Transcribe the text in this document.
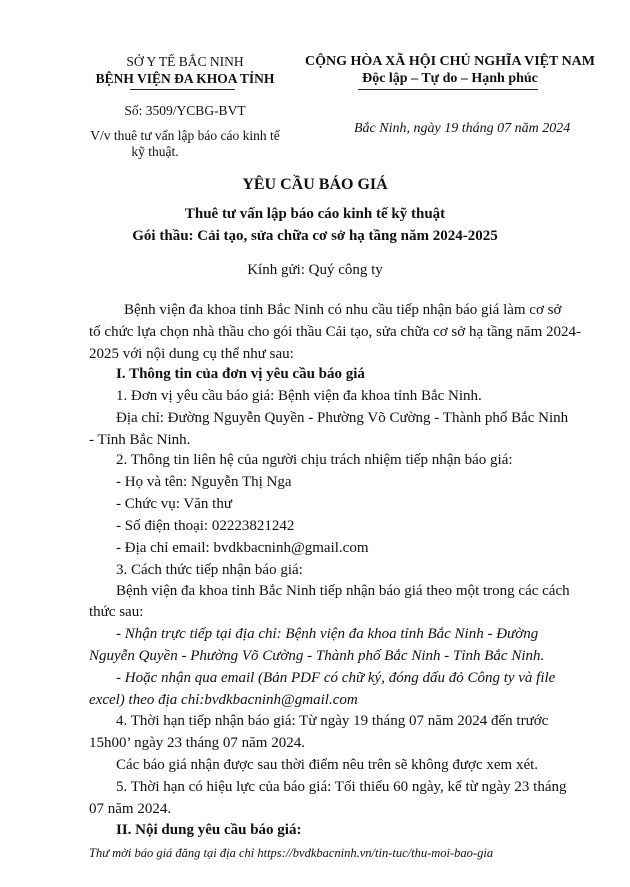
SỞ Y TẾ BẮC NINH
BỆNH VIỆN ĐA KHOA TỈNH
Số: 3509/YCBG-BVT
V/v thuê tư vấn lập báo cáo kinh tế
kỹ thuật.
CỘNG HÒA XÃ HỘI CHỦ NGHĨA VIỆT NAM
Độc lập – Tự do – Hạnh phúc
Bắc Ninh, ngày 19 tháng 07 năm 2024
YÊU CẦU BÁO GIÁ
Thuê tư vấn lập báo cáo kinh tế kỹ thuật
Gói thầu: Cải tạo, sửa chữa cơ sở hạ tầng năm 2024-2025
Kính gửi: Quý công ty
Bệnh viện đa khoa tỉnh Bắc Ninh có nhu cầu tiếp nhận báo giá làm cơ sở
tổ chức lựa chọn nhà thầu cho gói thầu Cải tạo, sửa chữa cơ sở hạ tầng năm 2024-
2025 với nội dung cụ thể như sau:
I. Thông tin của đơn vị yêu cầu báo giá
1. Đơn vị yêu cầu báo giá: Bệnh viện đa khoa tỉnh Bắc Ninh.
Địa chỉ: Đường Nguyễn Quyền - Phường Võ Cường - Thành phố Bắc Ninh
- Tỉnh Bắc Ninh.
2. Thông tin liên hệ của người chịu trách nhiệm tiếp nhận báo giá:
- Họ và tên: Nguyễn Thị Nga
- Chức vụ: Văn thư
- Số điện thoại: 02223821242
- Địa chỉ email: bvdkbacninh@gmail.com
3. Cách thức tiếp nhận báo giá:
Bệnh viện đa khoa tỉnh Bắc Ninh tiếp nhận báo giá theo một trong các cách
thức sau:
- Nhận trực tiếp tại địa chỉ: Bệnh viện đa khoa tỉnh Bắc Ninh - Đường
Nguyễn Quyền - Phường Võ Cường - Thành phố Bắc Ninh - Tỉnh Bắc Ninh.
- Hoặc nhận qua email (Bản PDF có chữ ký, đóng dấu đỏ Công ty và file
excel) theo địa chỉ:bvdkbacninh@gmail.com
4. Thời hạn tiếp nhận báo giá: Từ ngày 19 tháng 07 năm 2024 đến trước
15h00’ ngày 23 tháng 07 năm 2024.
Các báo giá nhận được sau thời điểm nêu trên sẽ không được xem xét.
5. Thời hạn có hiệu lực của báo giá: Tối thiểu 60 ngày, kể từ ngày 23 tháng
07 năm 2024.
II. Nội dung yêu cầu báo giá:
Thư mời báo giá đăng tại địa chỉ https://bvdkbacninh.vn/tin-tuc/thu-moi-bao-gia
